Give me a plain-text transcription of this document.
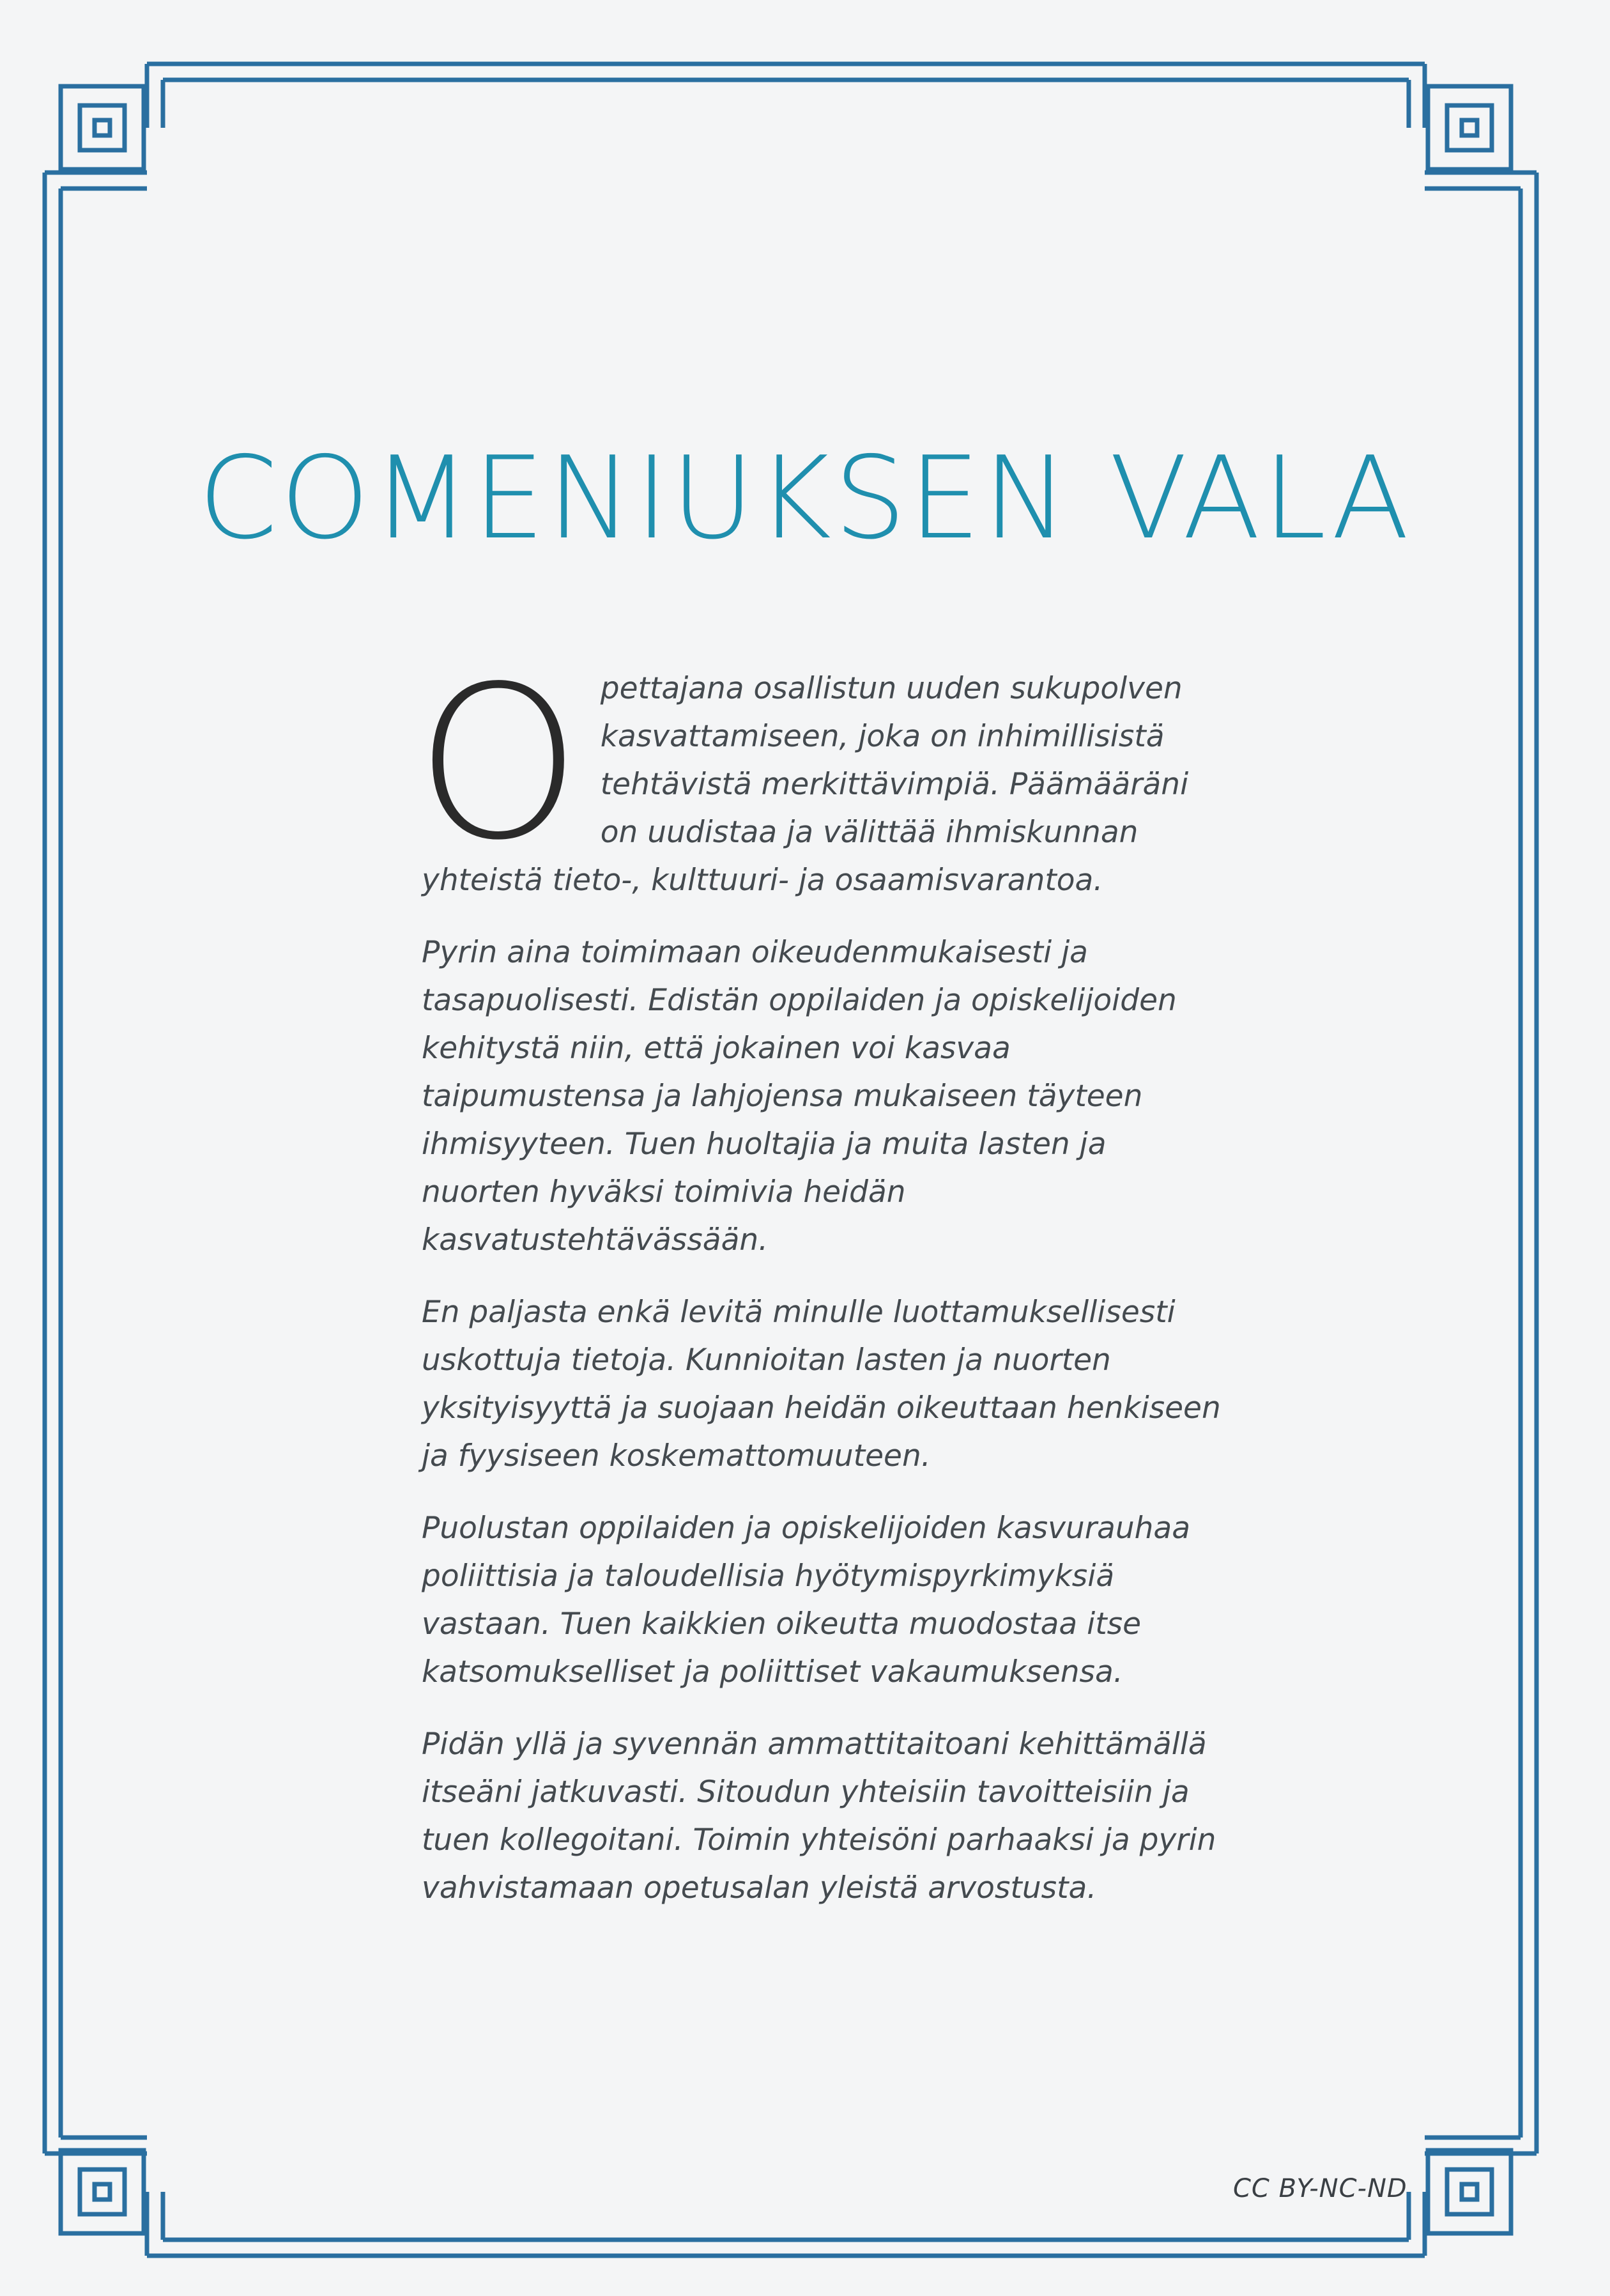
COMENIUKSEN VALA

Opettajana osallistun uuden sukupolven kasvattamiseen, joka on inhimillisistä tehtävistä merkittävimpiä. Päämääräni on uudistaa ja välittää ihmiskunnan yhteistä tieto-, kulttuuri- ja osaamisvarantoa.

Pyrin aina toimimaan oikeudenmukaisesti ja tasapuolisesti. Edistän oppilaiden ja opiskelijoiden kehitystä niin, että jokainen voi kasvaa taipumustensa ja lahjojensa mukaiseen täyteen ihmisyyteen. Tuen huoltajia ja muita lasten ja nuorten hyväksi toimivia heidän kasvatustehtävässään.

En paljasta enkä levitä minulle luottamuksellisesti uskottuja tietoja. Kunnioitan lasten ja nuorten yksityisyyttä ja suojaan heidän oikeuttaan henkiseen ja fyysiseen koskemattomuuteen.

Puolustan oppilaiden ja opiskelijoiden kasvurauhaa poliittisia ja taloudellisia hyötymispyrkimyksiä vastaan. Tuen kaikkien oikeutta muodostaa itse katsomukselliset ja poliittiset vakaumuksensa.

Pidän yllä ja syvennän ammattitaitoani kehittämällä itseäni jatkuvasti. Sitoudun yhteisiin tavoitteisiin ja tuen kollegoitani. Toimin yhteisöni parhaaksi ja pyrin vahvistamaan opetusalan yleistä arvostusta.

CC BY-NC-ND
